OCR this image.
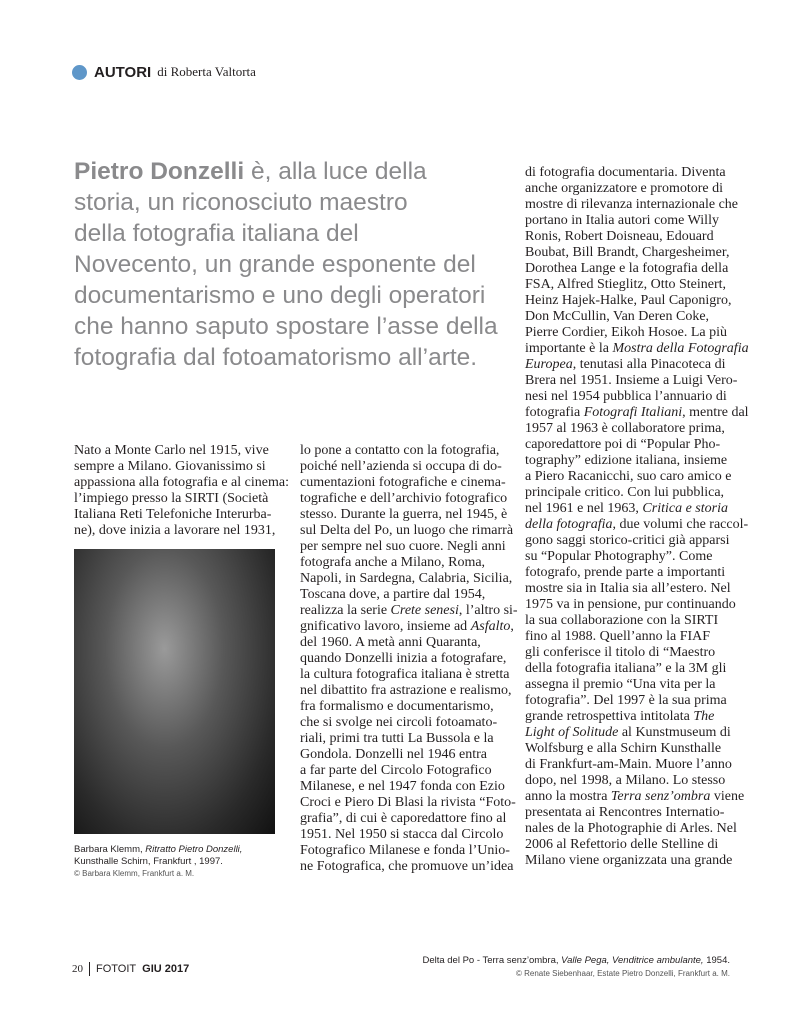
AUTORI di Roberta Valtorta
Pietro Donzelli è, alla luce della
storia, un riconosciuto maestro
della fotografia italiana del
Novecento, un grande esponente del
documentarismo e uno degli operatori
che hanno saputo spostare l’asse della
fotografia dal fotoamatorismo all’arte.
Nato a Monte Carlo nel 1915, vive
sempre a Milano. Giovanissimo si
appassiona alla fotografia e al cinema:
l’impiego presso la SIRTI (Società
Italiana Reti Telefoniche Interurba-
ne), dove inizia a lavorare nel 1931,
lo pone a contatto con la fotografia,
poiché nell’azienda si occupa di do-
cumentazioni fotografiche e cinema-
tografiche e dell’archivio fotografico
stesso. Durante la guerra, nel 1945, è
sul Delta del Po, un luogo che rimarrà
per sempre nel suo cuore. Negli anni
fotografa anche a Milano, Roma,
Napoli, in Sardegna, Calabria, Sicilia,
Toscana dove, a partire dal 1954,
realizza la serie Crete senesi, l’altro si-
gnificativo lavoro, insieme ad Asfalto,
del 1960. A metà anni Quaranta,
quando Donzelli inizia a fotografare,
la cultura fotografica italiana è stretta
nel dibattito fra astrazione e realismo,
fra formalismo e documentarismo,
che si svolge nei circoli fotoamato-
riali, primi tra tutti La Bussola e la
Gondola. Donzelli nel 1946 entra
a far parte del Circolo Fotografico
Milanese, e nel 1947 fonda con Ezio
Croci e Piero Di Blasi la rivista “Foto-
grafia”, di cui è caporedattore fino al
1951. Nel 1950 si stacca dal Circolo
Fotografico Milanese e fonda l’Unio-
ne Fotografica, che promuove un’idea
di fotografia documentaria. Diventa
anche organizzatore e promotore di
mostre di rilevanza internazionale che
portano in Italia autori come Willy
Ronis, Robert Doisneau, Edouard
Boubat, Bill Brandt, Chargesheimer,
Dorothea Lange e la fotografia della
FSA, Alfred Stieglitz, Otto Steinert,
Heinz Hajek-Halke, Paul Caponigro,
Don McCullin, Van Deren Coke,
Pierre Cordier, Eikoh Hosoe. La più
importante è la Mostra della Fotografia
Europea, tenutasi alla Pinacoteca di
Brera nel 1951. Insieme a Luigi Vero-
nesi nel 1954 pubblica l’annuario di
fotografia Fotografi Italiani, mentre dal
1957 al 1963 è collaboratore prima,
caporedattore poi di “Popular Pho-
tography” edizione italiana, insieme
a Piero Racanicchi, suo caro amico e
principale critico. Con lui pubblica,
nel 1961 e nel 1963, Critica e storia
della fotografia, due volumi che raccol-
gono saggi storico-critici già apparsi
su “Popular Photography”. Come
fotografo, prende parte a importanti
mostre sia in Italia sia all’estero. Nel
1975 va in pensione, pur continuando
la sua collaborazione con la SIRTI
fino al 1988. Quell’anno la FIAF
gli conferisce il titolo di “Maestro
della fotografia italiana” e la 3M gli
assegna il premio “Una vita per la
fotografia”. Del 1997 è la sua prima
grande retrospettiva intitolata The
Light of Solitude al Kunstmuseum di
Wolfsburg e alla Schirn Kunsthalle
di Frankfurt-am-Main. Muore l’anno
dopo, nel 1998, a Milano. Lo stesso
anno la mostra Terra senz’ombra viene
presentata ai Rencontres Internatio-
nales de la Photographie di Arles. Nel
2006 al Refettorio delle Stelline di
Milano viene organizzata una grande
Barbara Klemm, Ritratto Pietro Donzelli,
Kunsthalle Schirn, Frankfurt , 1997.
© Barbara Klemm, Frankfurt a. M.
Delta del Po - Terra senz’ombra, Valle Pega, Venditrice ambulante, 1954.
© Renate Siebenhaar, Estate Pietro Donzelli, Frankfurt a. M.
20 FOTOIT GIU 2017
